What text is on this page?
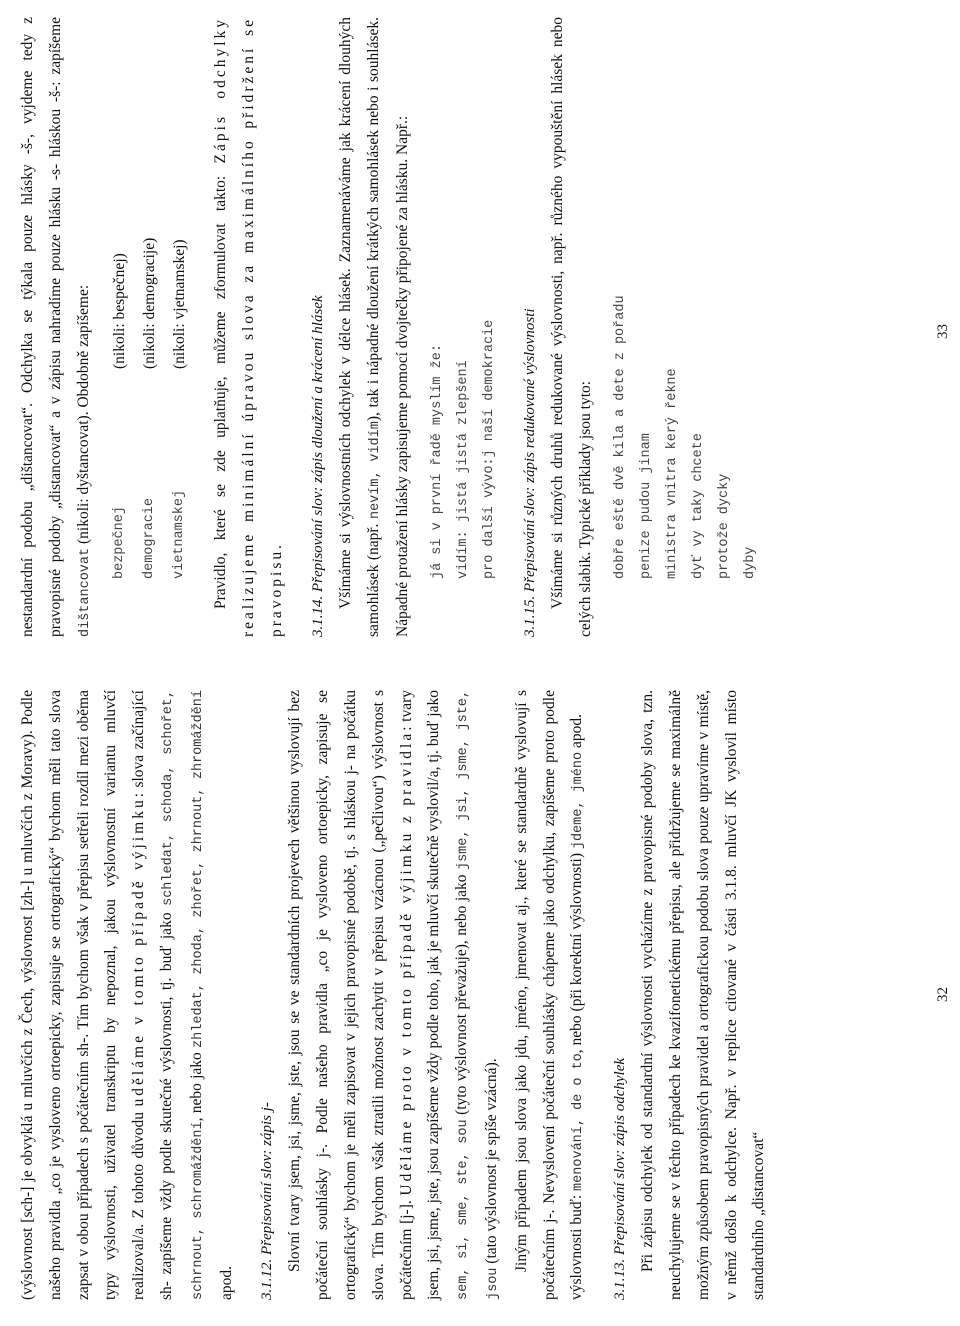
(výslovnost [sch-] je obvyklá u mluvčích z Čech, výslovnost [zh-] u mluvčích z Moravy). Podle našeho pravidla „co je vysloveno ortoepicky, zapisuje se ortografický“ bychom měli tato slova zapsat v obou případech s počátečním sh-. Tím bychom však v přepisu setřeli rozdíl mezi oběma typy výslovnosti, uživatel transkriptu by nepoznal, jakou výslovnostní variantu mluvčí realizoval/a. Z tohoto důvodu uděláme v tomto případě výjimku: slova začínající sh- zapíšeme vždy podle skutečné výslovnosti, tj. buď jako schledat, schoda, schořet, schrnout, schromáždění, nebo jako zhledat, zhoda, zhořet, zhrnout, zhromáždění apod.	3.1.12. Přepisování slov: zápis j- Slovní tvary jsem, jsi, jsme, jste, jsou se ve standardních projevech většinou vyslovují bez počáteční souhlásky j-. Podle našeho pravidla „co je vysloveno ortoepicky, zapisuje se ortografický“ bychom je měli zapisovat v jejich pravopisné podobě, tj. s hláskou j- na počátku slova. Tím bychom však ztratili možnost zachytit v přepisu vzácnou („pečlivou“) výslovnost s počátečním [j-]. Uděláme proto v tomto případě výjimku z pravidla: tvary jsem, jsi, jsme, jste, jsou zapíšeme vždy podle toho, jak je mluvčí skutečně vyslovil/a, tj. buď jako sem, si, sme, ste, sou (tyto výslovnost převažuje), nebo jako jsme, jsi, jsme, jste, jsou (tato výslovnost je spíše vzácná). Jiným případem jsou slova jako jdu, jméno, jmenovat aj., které se standardně vyslovují s počátečním j-. Nevyslovení počáteční souhlásky chápeme jako odchylku, zapíšeme proto podle výslovnosti buď: menování, de o to, nebo (při korektní výslovnosti) jdeme, jméno apod.

3.1.13. Přepisování slov: zápis odchylek Při zápisu odchylek od standardní výslovnosti vycházíme z pravopisné podoby slova, tzn. neuchylujeme se v těchto případech ke kvazifonetickému přepisu, ale přidržujeme se maximálně možným způsobem pravopisných pravidel a ortografickou podobu slova pouze upravíme v místě, v němž došlo k odchylce. Např. v replice citované v části 3.1.8. mluvčí JK vyslovil místo standardního „distancovat“

32

nestandardní podobu „dištancovat“. Odchylka se týkala pouze hlásky -š-, vyjdeme tedy z pravopisné podoby „distancovat“ a v zápisu nahradíme pouze hlásku -s- hláskou -š-: zapíšeme dištancovat (nikoli: dyštancovat). Obdobně zapíšeme:	bezpečnej	(nikoli: bespečnej)
demogracie	(nikoli: demogracije)
vietnamskej	(nikoli: vjetnamskej)	Pravidlo, které se zde uplatňuje, můžeme zformulovat takto: Zápis odchylky realizujeme minimální úpravou slova za maximálního přidržení se pravopisu.	3.1.14. Přepisování slov: zápis dloužení a krácení hlásek Všímáme si výslovnostních odchylek v délce hlásek. Zaznamenáváme jak krácení dlouhých samohlásek (např. nevím, vidím), tak i nápadné dloužení krátkých samohlásek nebo i souhlásek. Nápadné protažení hlásky zapisujeme pomocí dvojtečky připojené za hlásku. Např.:	já si v první řadě myslím že: vidím: jistá jistá zlepšení pro další vývo:j naší demokracie	3.1.15. Přepisování slov: zápis redukované výslovnosti Všímáme si různých druhů redukované výslovnosti, např. různého vypouštění hlásek nebo celých slabik. Typické příklady jsou tyto:	dobře eště dvě kila a dete z pořadu penize pudou jinam ministra vnitra kerý řekne dyť vy taky chcete protože dycky dyby
33
